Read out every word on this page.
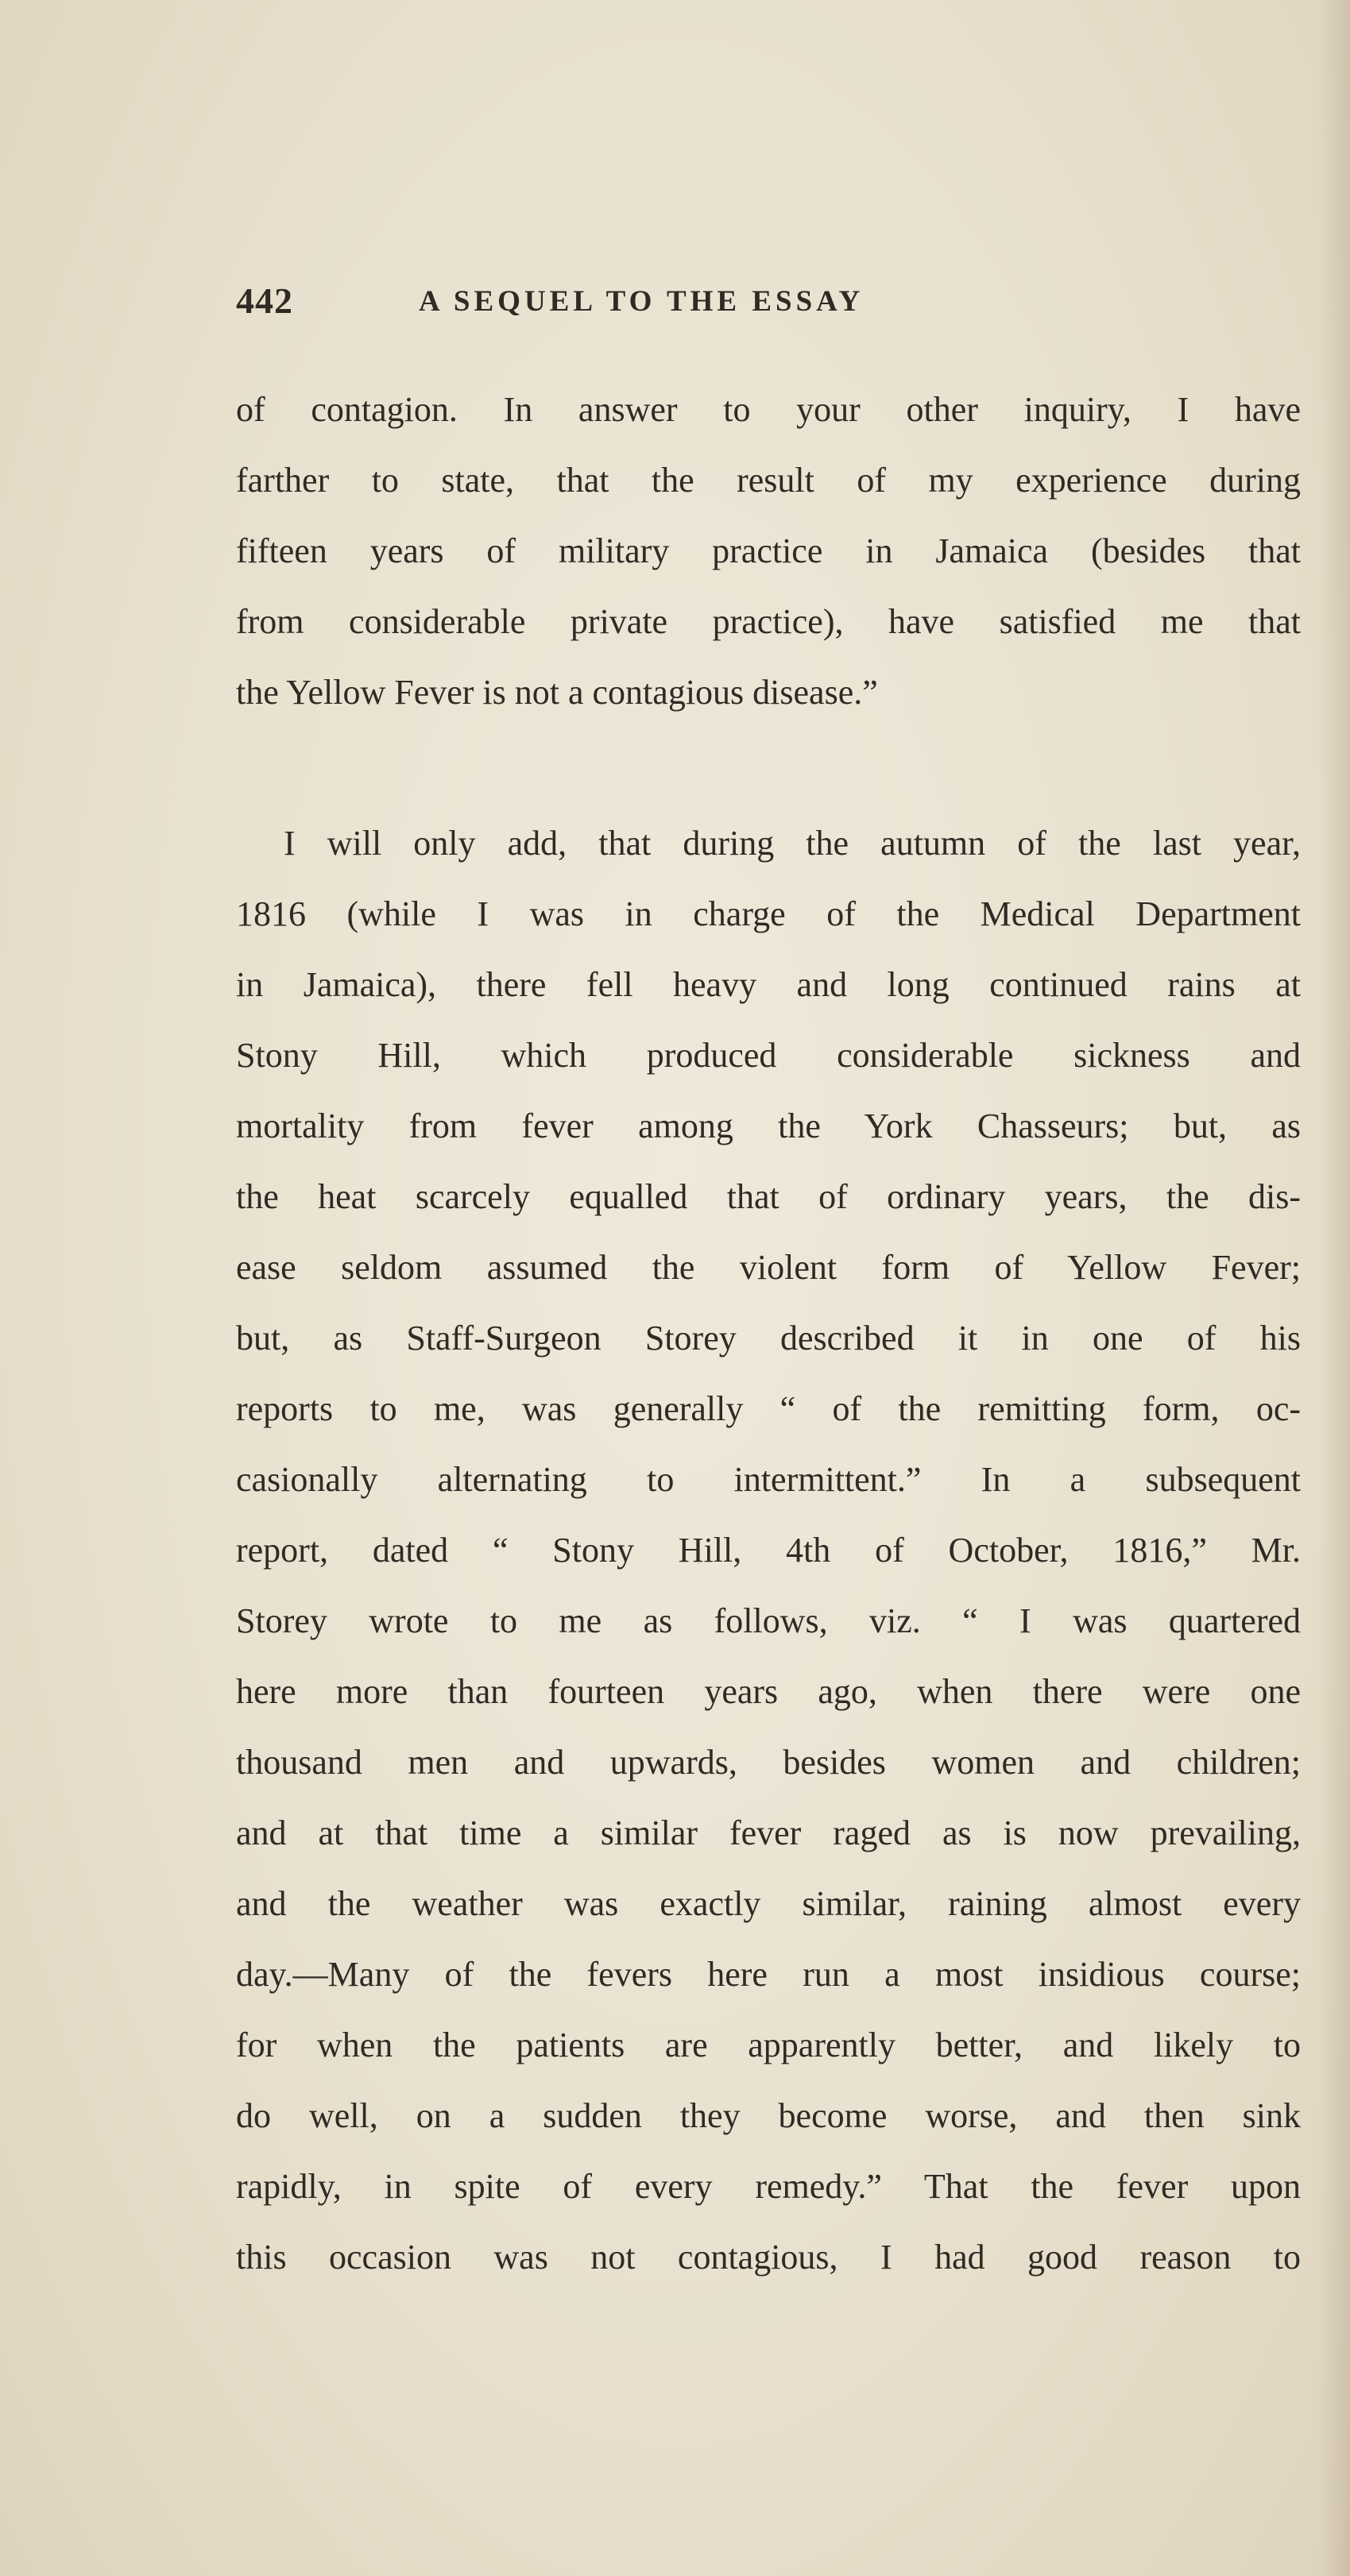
442	A SEQUEL TO THE ESSAY
of contagion. In answer to your other inquiry, I have
farther to state, that the result of my experience during
fifteen years of military practice in Jamaica (besides that
from considerable private practice), have satisfied me that
the Yellow Fever is not a contagious disease.”
I will only add, that during the autumn of the last year,
1816 (while I was in charge of the Medical Department
in Jamaica), there fell heavy and long continued rains at
Stony Hill, which produced considerable sickness and
mortality from fever among the York Chasseurs; but, as
the heat scarcely equalled that of ordinary years, the dis-
ease seldom assumed the violent form of Yellow Fever;
but, as Staff-Surgeon Storey described it in one of his
reports to me, was generally “ of the remitting form, oc-
casionally alternating to intermittent.” In a subsequent
report, dated “ Stony Hill, 4th of October, 1816,” Mr.
Storey wrote to me as follows, viz. “ I was quartered
here more than fourteen years ago, when there were one
thousand men and upwards, besides women and children;
and at that time a similar fever raged as is now prevailing,
and the weather was exactly similar, raining almost every
day.—Many of the fevers here run a most insidious course;
for when the patients are apparently better, and likely to
do well, on a sudden they become worse, and then sink
rapidly, in spite of every remedy.” That the fever upon
this occasion was not contagious, I had good reason to
